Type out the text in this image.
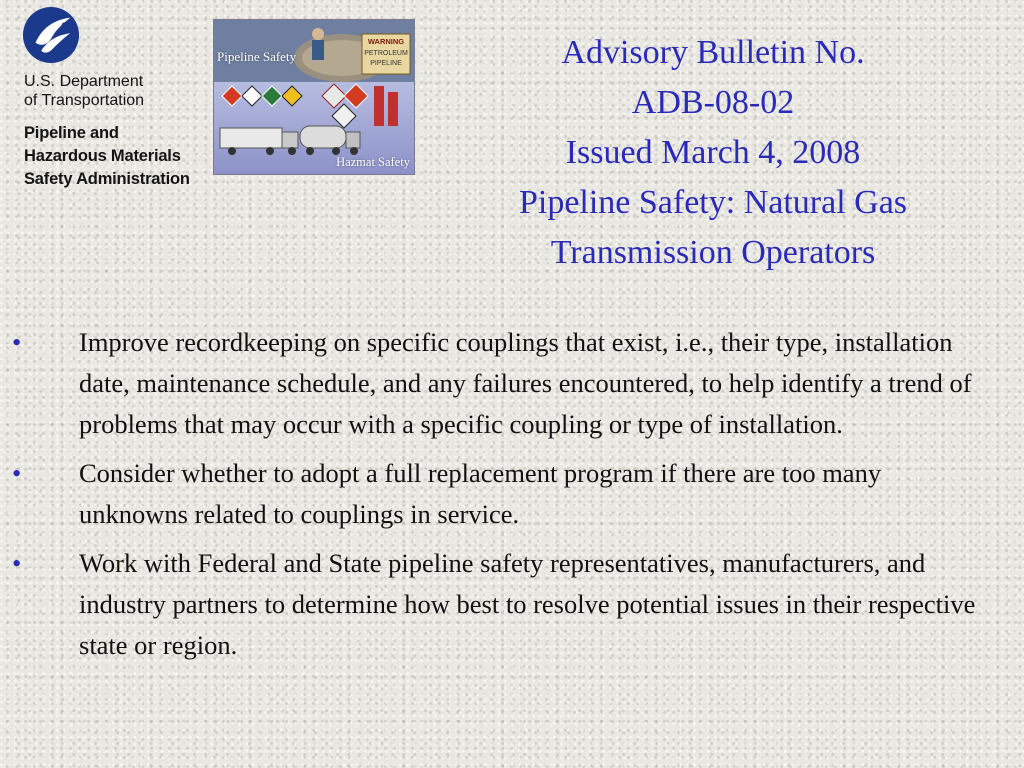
U.S. Department
of Transportation
Pipeline and
Hazardous Materials
Safety Administration
WARNING
PETROLEUM
PIPELINE
Pipeline Safety
Hazmat Safety
Advisory Bulletin No.
ADB-08-02
Issued March 4, 2008
Pipeline Safety: Natural Gas
Transmission Operators
•	Improve recordkeeping on specific couplings that exist, i.e., their type, installation date, maintenance schedule, and any failures encountered, to help identify a trend of problems that may occur with a specific coupling or type of installation.
•	Consider whether to adopt a full replacement program if there are too many unknowns related to couplings in service.
•	Work with Federal and State pipeline safety representatives, manufacturers, and industry partners to determine how best to resolve potential issues in their respective state or region.
